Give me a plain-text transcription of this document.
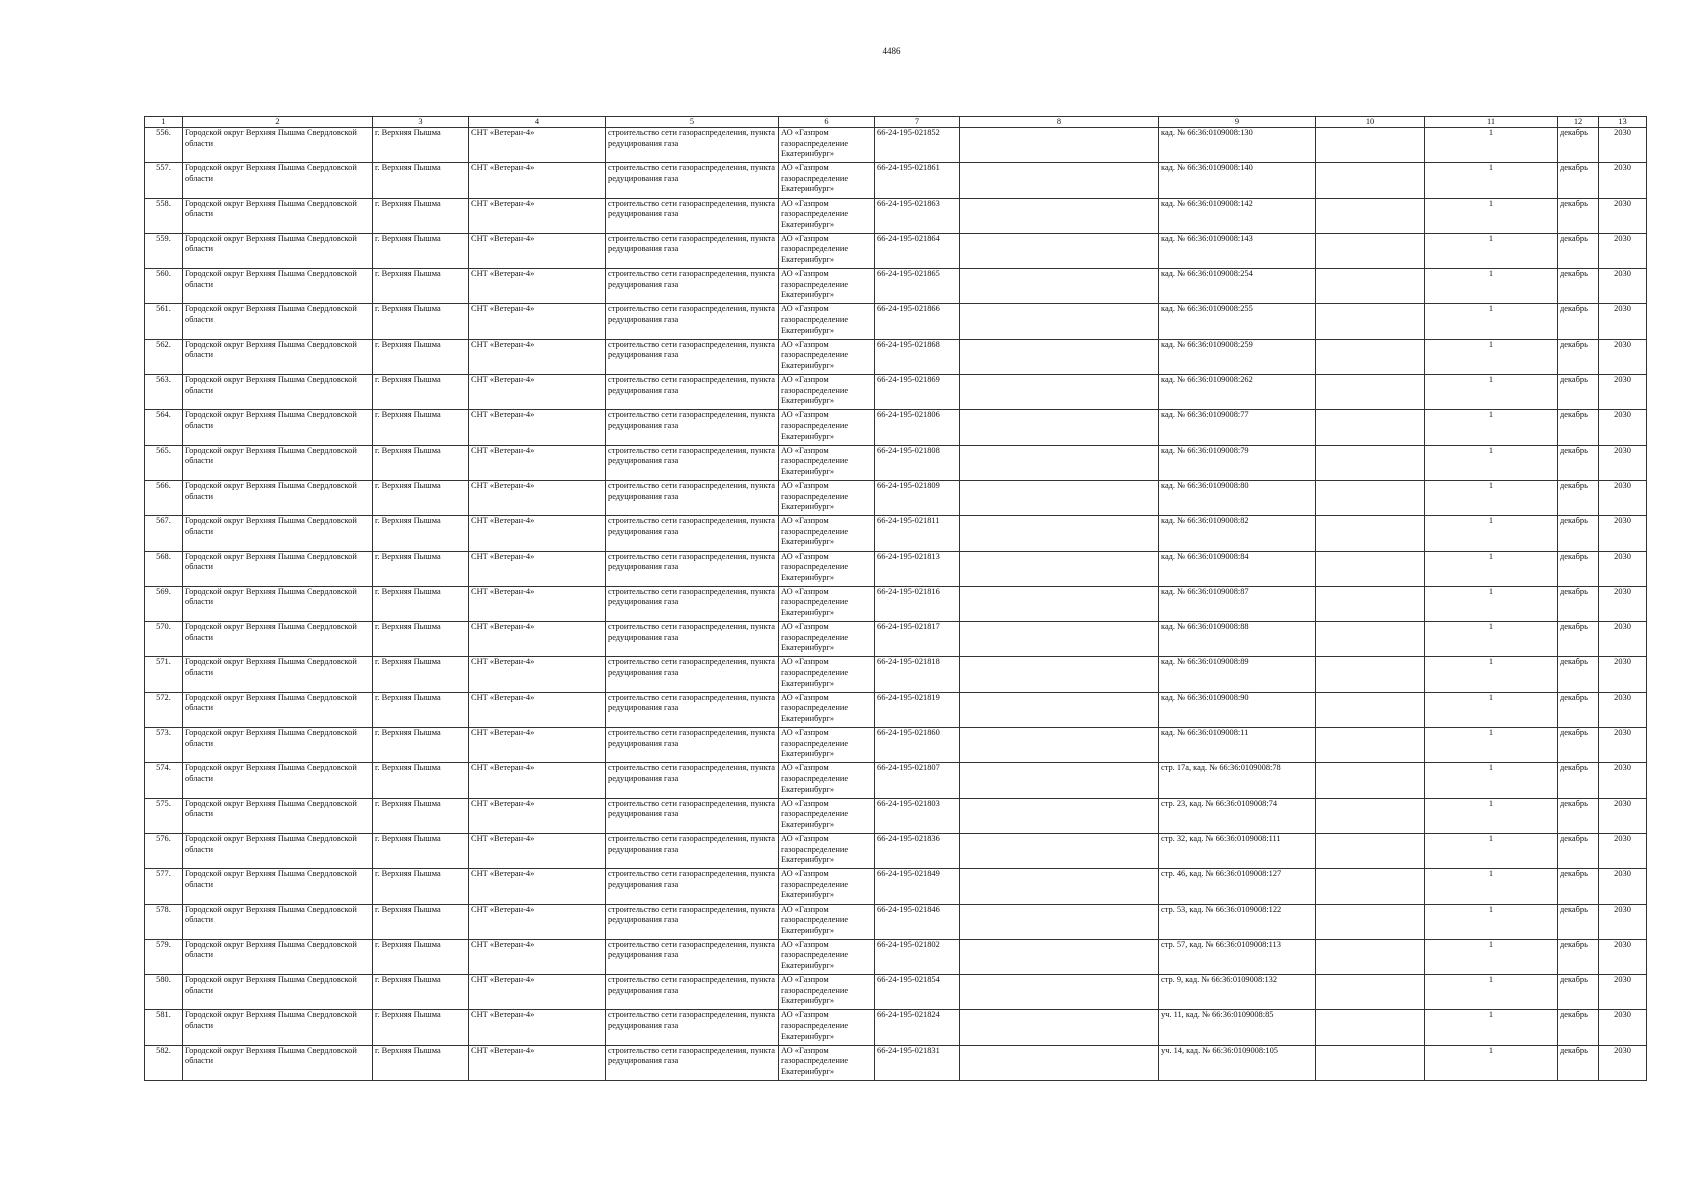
4486
1	2	3	4	5	6	7	8	9	10	11	12	13
556.	Городской округ Верхняя Пышма Свердловской области	г. Верхняя Пышма	СНТ «Ветеран-4»	строительство сети газораспределения, пункта редуцирования газа	АО «Газпром газораспределение Екатеринбург»	66-24-195-021852		кад. № 66:36:0109008:130		1	декабрь	2030
557.	Городской округ Верхняя Пышма Свердловской области	г. Верхняя Пышма	СНТ «Ветеран-4»	строительство сети газораспределения, пункта редуцирования газа	АО «Газпром газораспределение Екатеринбург»	66-24-195-021861		кад. № 66:36:0109008:140		1	декабрь	2030
558.	Городской округ Верхняя Пышма Свердловской области	г. Верхняя Пышма	СНТ «Ветеран-4»	строительство сети газораспределения, пункта редуцирования газа	АО «Газпром газораспределение Екатеринбург»	66-24-195-021863		кад. № 66:36:0109008:142		1	декабрь	2030
559.	Городской округ Верхняя Пышма Свердловской области	г. Верхняя Пышма	СНТ «Ветеран-4»	строительство сети газораспределения, пункта редуцирования газа	АО «Газпром газораспределение Екатеринбург»	66-24-195-021864		кад. № 66:36:0109008:143		1	декабрь	2030
560.	Городской округ Верхняя Пышма Свердловской области	г. Верхняя Пышма	СНТ «Ветеран-4»	строительство сети газораспределения, пункта редуцирования газа	АО «Газпром газораспределение Екатеринбург»	66-24-195-021865		кад. № 66:36:0109008:254		1	декабрь	2030
561.	Городской округ Верхняя Пышма Свердловской области	г. Верхняя Пышма	СНТ «Ветеран-4»	строительство сети газораспределения, пункта редуцирования газа	АО «Газпром газораспределение Екатеринбург»	66-24-195-021866		кад. № 66:36:0109008:255		1	декабрь	2030
562.	Городской округ Верхняя Пышма Свердловской области	г. Верхняя Пышма	СНТ «Ветеран-4»	строительство сети газораспределения, пункта редуцирования газа	АО «Газпром газораспределение Екатеринбург»	66-24-195-021868		кад. № 66:36:0109008:259		1	декабрь	2030
563.	Городской округ Верхняя Пышма Свердловской области	г. Верхняя Пышма	СНТ «Ветеран-4»	строительство сети газораспределения, пункта редуцирования газа	АО «Газпром газораспределение Екатеринбург»	66-24-195-021869		кад. № 66:36:0109008:262		1	декабрь	2030
564.	Городской округ Верхняя Пышма Свердловской области	г. Верхняя Пышма	СНТ «Ветеран-4»	строительство сети газораспределения, пункта редуцирования газа	АО «Газпром газораспределение Екатеринбург»	66-24-195-021806		кад. № 66:36:0109008:77		1	декабрь	2030
565.	Городской округ Верхняя Пышма Свердловской области	г. Верхняя Пышма	СНТ «Ветеран-4»	строительство сети газораспределения, пункта редуцирования газа	АО «Газпром газораспределение Екатеринбург»	66-24-195-021808		кад. № 66:36:0109008:79		1	декабрь	2030
566.	Городской округ Верхняя Пышма Свердловской области	г. Верхняя Пышма	СНТ «Ветеран-4»	строительство сети газораспределения, пункта редуцирования газа	АО «Газпром газораспределение Екатеринбург»	66-24-195-021809		кад. № 66:36:0109008:80		1	декабрь	2030
567.	Городской округ Верхняя Пышма Свердловской области	г. Верхняя Пышма	СНТ «Ветеран-4»	строительство сети газораспределения, пункта редуцирования газа	АО «Газпром газораспределение Екатеринбург»	66-24-195-021811		кад. № 66:36:0109008:82		1	декабрь	2030
568.	Городской округ Верхняя Пышма Свердловской области	г. Верхняя Пышма	СНТ «Ветеран-4»	строительство сети газораспределения, пункта редуцирования газа	АО «Газпром газораспределение Екатеринбург»	66-24-195-021813		кад. № 66:36:0109008:84		1	декабрь	2030
569.	Городской округ Верхняя Пышма Свердловской области	г. Верхняя Пышма	СНТ «Ветеран-4»	строительство сети газораспределения, пункта редуцирования газа	АО «Газпром газораспределение Екатеринбург»	66-24-195-021816		кад. № 66:36:0109008:87		1	декабрь	2030
570.	Городской округ Верхняя Пышма Свердловской области	г. Верхняя Пышма	СНТ «Ветеран-4»	строительство сети газораспределения, пункта редуцирования газа	АО «Газпром газораспределение Екатеринбург»	66-24-195-021817		кад. № 66:36:0109008:88		1	декабрь	2030
571.	Городской округ Верхняя Пышма Свердловской области	г. Верхняя Пышма	СНТ «Ветеран-4»	строительство сети газораспределения, пункта редуцирования газа	АО «Газпром газораспределение Екатеринбург»	66-24-195-021818		кад. № 66:36:0109008:89		1	декабрь	2030
572.	Городской округ Верхняя Пышма Свердловской области	г. Верхняя Пышма	СНТ «Ветеран-4»	строительство сети газораспределения, пункта редуцирования газа	АО «Газпром газораспределение Екатеринбург»	66-24-195-021819		кад. № 66:36:0109008:90		1	декабрь	2030
573.	Городской округ Верхняя Пышма Свердловской области	г. Верхняя Пышма	СНТ «Ветеран-4»	строительство сети газораспределения, пункта редуцирования газа	АО «Газпром газораспределение Екатеринбург»	66-24-195-021860		кад. № 66:36:0109008:11		1	декабрь	2030
574.	Городской округ Верхняя Пышма Свердловской области	г. Верхняя Пышма	СНТ «Ветеран-4»	строительство сети газораспределения, пункта редуцирования газа	АО «Газпром газораспределение Екатеринбург»	66-24-195-021807		стр. 17а, кад. № 66:36:0109008:78		1	декабрь	2030
575.	Городской округ Верхняя Пышма Свердловской области	г. Верхняя Пышма	СНТ «Ветеран-4»	строительство сети газораспределения, пункта редуцирования газа	АО «Газпром газораспределение Екатеринбург»	66-24-195-021803		стр. 23, кад. № 66:36:0109008:74		1	декабрь	2030
576.	Городской округ Верхняя Пышма Свердловской области	г. Верхняя Пышма	СНТ «Ветеран-4»	строительство сети газораспределения, пункта редуцирования газа	АО «Газпром газораспределение Екатеринбург»	66-24-195-021836		стр. 32, кад. № 66:36:0109008:111		1	декабрь	2030
577.	Городской округ Верхняя Пышма Свердловской области	г. Верхняя Пышма	СНТ «Ветеран-4»	строительство сети газораспределения, пункта редуцирования газа	АО «Газпром газораспределение Екатеринбург»	66-24-195-021849		стр. 46, кад. № 66:36:0109008:127		1	декабрь	2030
578.	Городской округ Верхняя Пышма Свердловской области	г. Верхняя Пышма	СНТ «Ветеран-4»	строительство сети газораспределения, пункта редуцирования газа	АО «Газпром газораспределение Екатеринбург»	66-24-195-021846		стр. 53, кад. № 66:36:0109008:122		1	декабрь	2030
579.	Городской округ Верхняя Пышма Свердловской области	г. Верхняя Пышма	СНТ «Ветеран-4»	строительство сети газораспределения, пункта редуцирования газа	АО «Газпром газораспределение Екатеринбург»	66-24-195-021802		стр. 57, кад. № 66:36:0109008:113		1	декабрь	2030
580.	Городской округ Верхняя Пышма Свердловской области	г. Верхняя Пышма	СНТ «Ветеран-4»	строительство сети газораспределения, пункта редуцирования газа	АО «Газпром газораспределение Екатеринбург»	66-24-195-021854		стр. 9, кад. № 66:36:0109008:132		1	декабрь	2030
581.	Городской округ Верхняя Пышма Свердловской области	г. Верхняя Пышма	СНТ «Ветеран-4»	строительство сети газораспределения, пункта редуцирования газа	АО «Газпром газораспределение Екатеринбург»	66-24-195-021824		уч. 11, кад. № 66:36:0109008:85		1	декабрь	2030
582.	Городской округ Верхняя Пышма Свердловской области	г. Верхняя Пышма	СНТ «Ветеран-4»	строительство сети газораспределения, пункта редуцирования газа	АО «Газпром газораспределение Екатеринбург»	66-24-195-021831		уч. 14, кад. № 66:36:0109008:105		1	декабрь	2030
